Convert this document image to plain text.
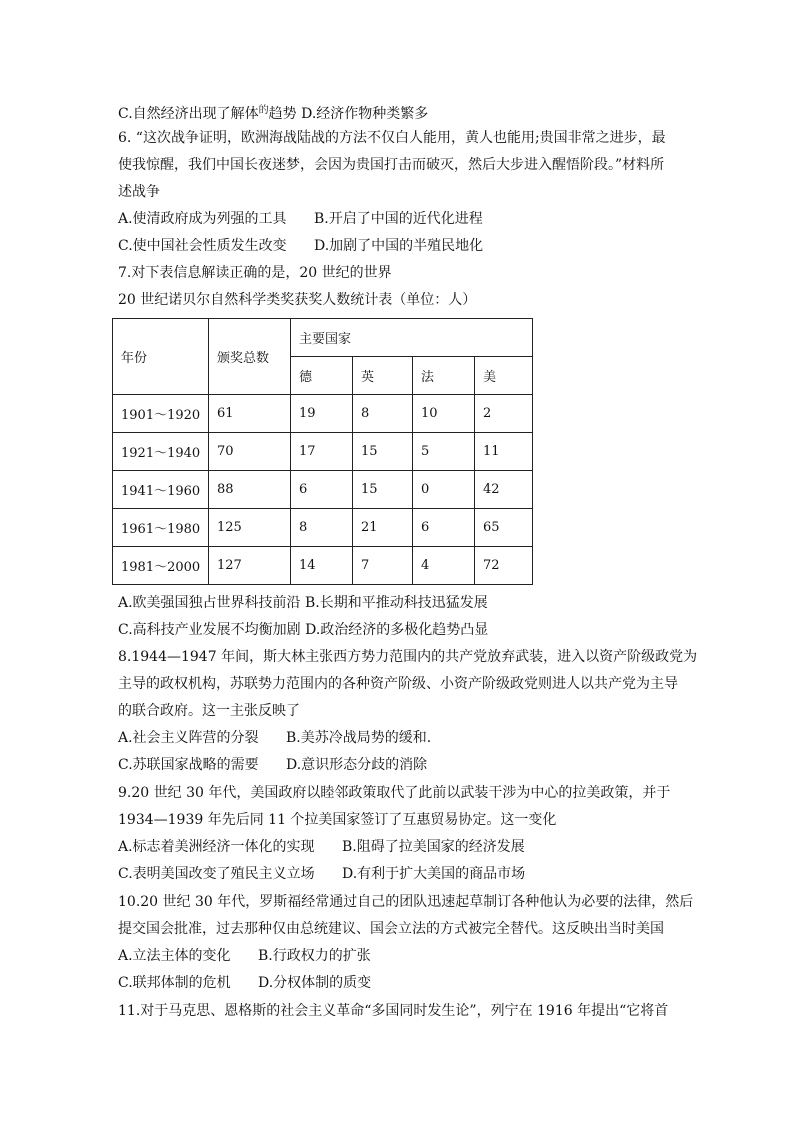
C.自然经济出现了解体$^的$趋势 D.经济作物种类繁多
6. “这次战争证明，欧洲海战陆战的方法不仅白人能用，黄人也能用;贵国非常之进步，最
使我惊醒，我们中国长夜迷梦，会因为贵国打击而破灭，然后大步进入醒悟阶段。”材料所
述战争
A.使清政府成为列强的工具 B.开启了中国的近代化进程
C.使中国社会性质发生改变 D.加剧了中国的半殖民地化
7.对下表信息解读正确的是，20 世纪的世界
20 世纪诺贝尔自然科学类奖获奖人数统计表（单位：人）
年份	颁奖总数	主要国家			
		德	英	法	美
1901～1920	61	19	8	10	2
1921～1940	70	17	15	5	11
1941～1960	88	6	15	0	42
1961～1980	125	8	21	6	65
1981～2000	127	14	7	4	72
A.欧美强国独占世界科技前沿 B.长期和平推动科技迅猛发展
C.高科技产业发展不均衡加剧 D.政治经济的多极化趋势凸显
8.1944—1947 年间，斯大林主张西方势力范围内的共产党放弃武装，进入以资产阶级政党为
主导的政权机构，苏联势力范围内的各种资产阶级、小资产阶级政党则进人以共产党为主导
的联合政府。这一主张反映了
A.社会主义阵营的分裂 B.美苏冷战局势的缓和.
C.苏联国家战略的需要 D.意识形态分歧的消除
9.20 世纪 30 年代，美国政府以睦邻政策取代了此前以武装干涉为中心的拉美政策，并于
1934—1939 年先后同 11 个拉美国家签订了互惠贸易协定。这一变化
A.标志着美洲经济一体化的实现 B.阻碍了拉美国家的经济发展
C.表明美国改变了殖民主义立场 D.有利于扩大美国的商品市场
10.20 世纪 30 年代，罗斯福经常通过自己的团队迅速起草制订各种他认为必要的法律，然后
提交国会批准，过去那种仅由总统建议、国会立法的方式被完全替代。这反映出当时美国
A.立法主体的变化 B.行政权力的扩张
C.联邦体制的危机 D.分权体制的质变
11.对于马克思、恩格斯的社会主义革命“多国同时发生论”，列宁在 1916 年提出“它将首
